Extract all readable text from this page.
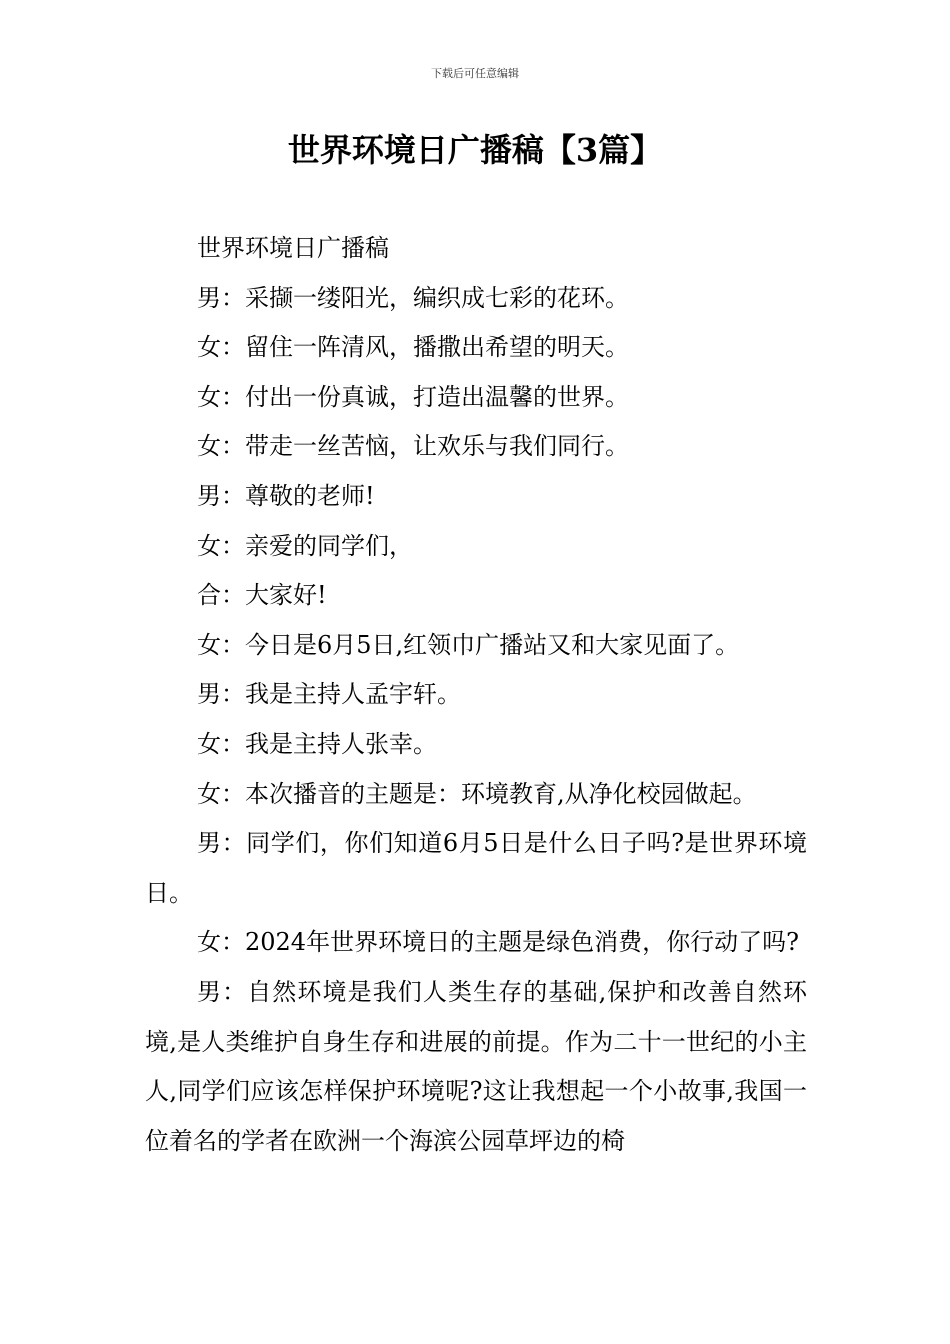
下载后可任意编辑
世界环境日广播稿【3篇】

世界环境日广播稿

男：采撷一缕阳光，编织成七彩的花环。

女：留住一阵清风，播撒出希望的明天。

女：付出一份真诚，打造出温馨的世界。

女：带走一丝苦恼，让欢乐与我们同行。

男：尊敬的老师!

女：亲爱的同学们，

合：大家好!

女：今日是6月5日,红领巾广播站又和大家见面了。

男：我是主持人孟宇轩。

女：我是主持人张幸。

女：本次播音的主题是：环境教育,从净化校园做起。

男：同学们，你们知道6月5日是什么日子吗?是世界环境日。

女：2024年世界环境日的主题是绿色消费，你行动了吗?

男：自然环境是我们人类生存的基础,保护和改善自然环境,是人类维护自身生存和进展的前提。作为二十一世纪的小主人,同学们应该怎样保护环境呢?这让我想起一个小故事,我国一位着名的学者在欧洲一个海滨公园草坪边的椅
